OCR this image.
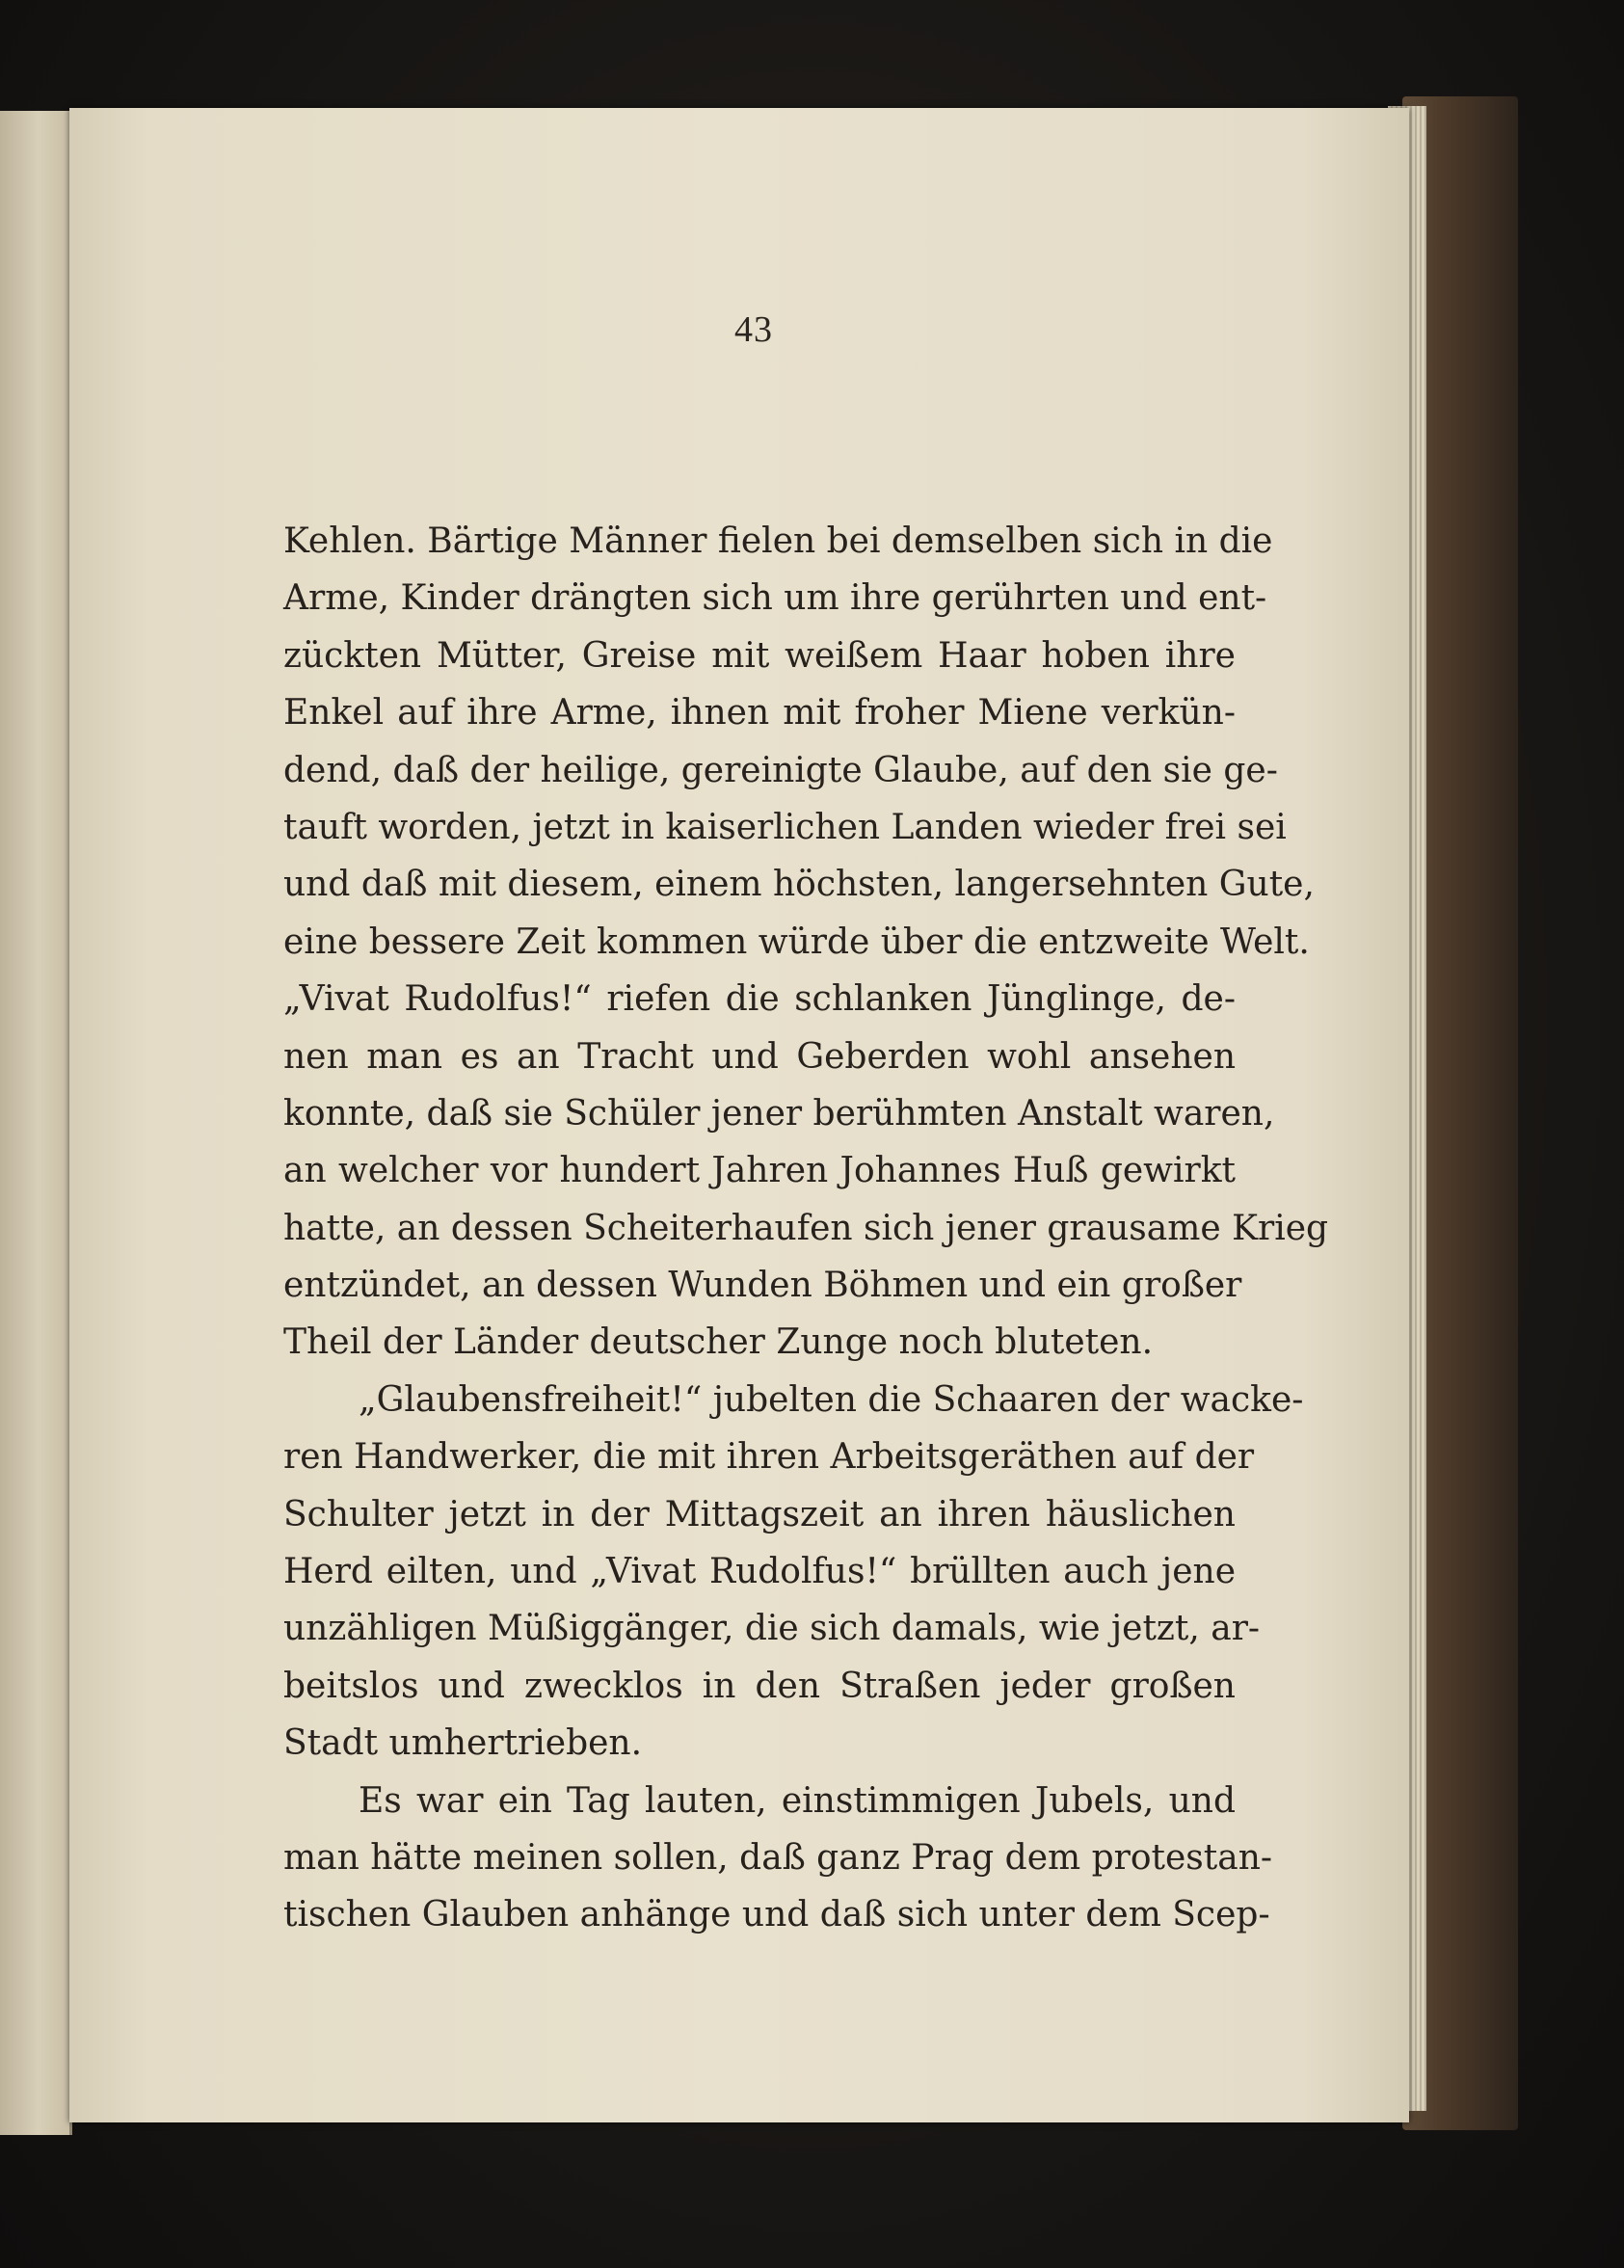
43
Kehlen. Bärtige Männer fielen bei demselben sich in die
Arme, Kinder drängten sich um ihre gerührten und ent-
zückten Mütter, Greise mit weißem Haar hoben ihre
Enkel auf ihre Arme, ihnen mit froher Miene verkün-
dend, daß der heilige, gereinigte Glaube, auf den sie ge-
tauft worden, jetzt in kaiserlichen Landen wieder frei sei
und daß mit diesem, einem höchsten, langersehnten Gute,
eine bessere Zeit kommen würde über die entzweite Welt.
„Vivat Rudolfus!“ riefen die schlanken Jünglinge, de-
nen man es an Tracht und Geberden wohl ansehen
konnte, daß sie Schüler jener berühmten Anstalt waren,
an welcher vor hundert Jahren Johannes Huß gewirkt
hatte, an dessen Scheiterhaufen sich jener grausame Krieg
entzündet, an dessen Wunden Böhmen und ein großer
Theil der Länder deutscher Zunge noch bluteten.
„Glaubensfreiheit!“ jubelten die Schaaren der wacke-
ren Handwerker, die mit ihren Arbeitsgeräthen auf der
Schulter jetzt in der Mittagszeit an ihren häuslichen
Herd eilten, und „Vivat Rudolfus!“ brüllten auch jene
unzähligen Müßiggänger, die sich damals, wie jetzt, ar-
beitslos und zwecklos in den Straßen jeder großen
Stadt umhertrieben.
Es war ein Tag lauten, einstimmigen Jubels, und
man hätte meinen sollen, daß ganz Prag dem protestan-
tischen Glauben anhänge und daß sich unter dem Scep-
